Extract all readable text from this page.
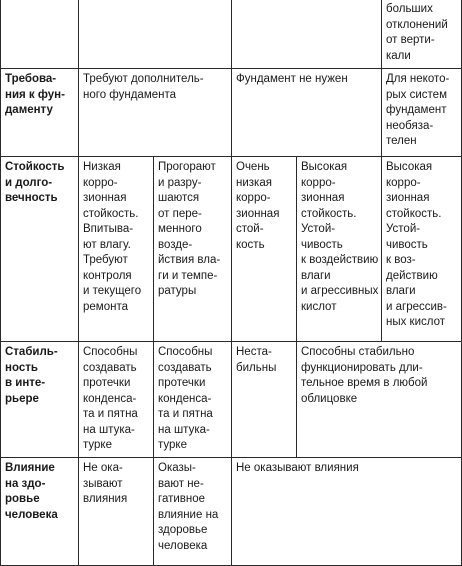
больших
отклонений
от верти-
кали
Требова-
ния к фун-
даменту
Требуют дополнитель-
ного фундамента
Фундамент не нужен	Для некото-
рых систем
фундамент
необяза-
телен
Стойкость
и долго-
вечность
Низкая
корро-
зионная
стойкость.
Впитыва-
ют влагу.
Требуют
контроля
и текущего
ремонта
Прогорают
и разру-
шаются
от пере-
менного
возде-
йствия вла-
ги и темпе-
ратуры
Очень
низкая
корро-
зионная
стой-
кость
Высокая корро-
зионная
стойкость.
Устой-
чивость
к воздействию
влаги
и агрессивных
кислот
Высокая
корро-
зионная
стойкость.
Устой-
чивость
к воз-
действию
влаги
и агрессив-
ных кислот
Стабиль-
ность
в инте-
рьере
Способны
создавать
протечки
конденса-
та и пятна
на штука-
турке
Способны
создавать
протечки
конденса-
та и пятна
на штука-
турке
Неста-
бильны
Способны стабильно
функционировать дли-
тельное время в любой
облицовке
Влияние
на здо-
ровье
человека
Не ока-
зывают
влияния
Оказы-
вают не-
гативное
влияние на
здоровье
человека
Не оказывают влияния
